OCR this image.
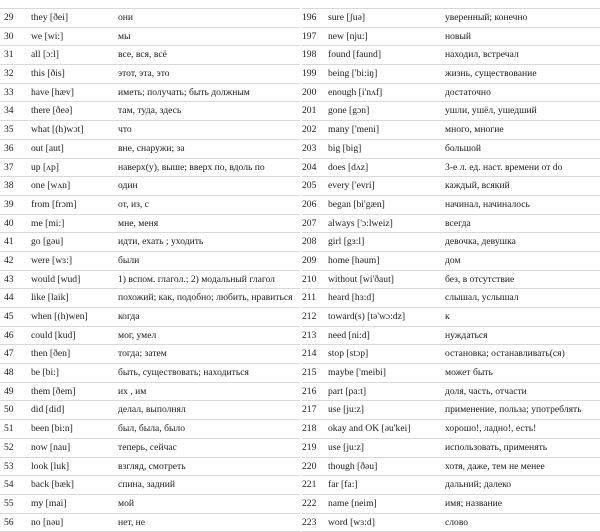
29	they [ðei]	они
30	we [wi:]	мы
31	all [ɔ:l]	все, вся, всё
32	this [ðis]	этот, эта, это
33	have [hæv]	иметь; получать; быть должным
34	there [ðeə]	там, туда, здесь
35	what [(h)wɔt]	что
36	out [aut]	вне, снаружи; за
37	up [ʌp]	наверх(у), выше; вверх по, вдоль по
38	one [wʌn]	один
39	from [frɔm]	от, из, с
40	me [mi:]	мне, меня
41	go [gəu]	идти, ехать ; уходить
42	were [wɜ:]	были
43	would [wud]	1) вспом. глагол.; 2) модальный глагол
44	like [laik]	похожий; как, подобно; любить, нравиться
45	when [(h)wen]	когда
46	could [kud]	мог, умел
47	then [ðen]	тогда; затем
48	be [bi:]	быть, существовать; находиться
49	them [ðem]	их , им
50	did [did]	делал, выполнял
51	been [bi:n]	был, была, было
52	now [nau]	теперь, сейчас
53	look [luk]	взгляд, смотреть
54	back [bæk]	спина, задний
55	my [mai]	мой
56	no [nəu]	нет, не
196	sure [ʃuə]	уверенный; конечно
197	new [nju:]	новый
198	found [faund]	находил, встречал
199	being ['bi:iŋ]	жизнь, существование
200	enough [i'nʌf]	достаточно
201	gone [gɔn]	ушли, ушёл, ушедший
202	many ['meni]	много, многие
203	big [big]	большой
204	does [dʌz]	3-е л. ед. наст. времени от do
205	every ['evri]	каждый, всякий
206	began [bi'gæn]	начинал, начиналось
207	always ['ɔ:lweiz]	всегда
208	girl [gɜ:l]	девочка, девушка
209	home [həum]	дом
210	without [wi'ðaut]	без, в отсутствие
211	heard [hɜ:d]	слышал, услышал
212	toward(s) [tə'wɔ:dz]	к
213	need [ni:d]	нуждаться
214	stop [stɔp]	остановка; останавливать(ся)
215	maybe ['meibi]	может быть
216	part [pa:t]	доля, часть, отчасти
217	use [ju:z]	применение, польза; употреблять
218	okay and OK [əu'kei]	хорошо!, ладно!, есть!
219	use [ju:z]	использовать, применять
220	though [ðəu]	хотя, даже, тем не менее
221	far [fa:]	дальний; далеко
222	name [neim]	имя; название
223	word [wɜ:d]	слово
